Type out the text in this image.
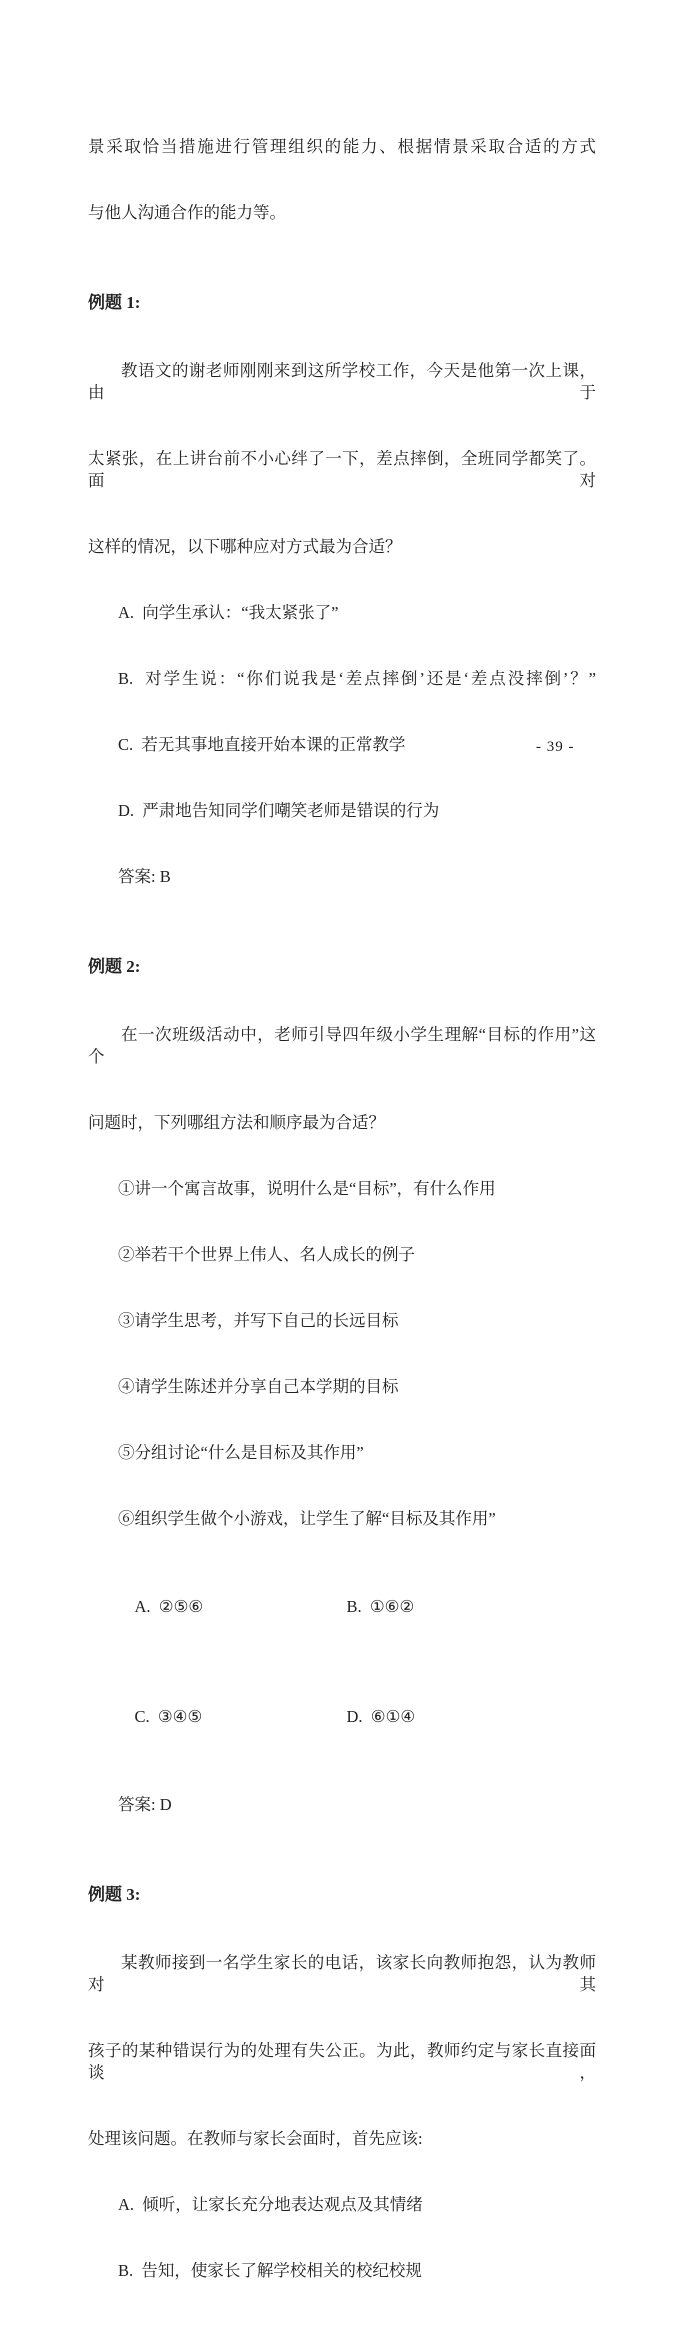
景采取恰当措施进行管理组织的能力、根据情景采取合适的方式

与他人沟通合作的能力等。

例题 1:

教语文的谢老师刚刚来到这所学校工作，今天是他第一次上课，由于

太紧张，在上讲台前不小心绊了一下，差点摔倒，全班同学都笑了。面对

这样的情况，以下哪种应对方式最为合适？

A.  向学生承认：“我太紧张了”

B.  对学生说：“你们说我是‘差点摔倒’还是‘差点没摔倒’？”

C.  若无其事地直接开始本课的正常教学

D.  严肃地告知同学们嘲笑老师是错误的行为

答案: B

例题 2:

在一次班级活动中，老师引导四年级小学生理解“目标的作用”这个

问题时，下列哪组方法和顺序最为合适？

①讲一个寓言故事，说明什么是“目标”，有什么作用

②举若干个世界上伟人、名人成长的例子

③请学生思考，并写下自己的长远目标

④请学生陈述并分享自己本学期的目标

⑤分组讨论“什么是目标及其作用”

⑥组织学生做个小游戏，让学生了解“目标及其作用”

A.  ②⑤⑥	B.  ①⑥②

C.  ③④⑤	D.  ⑥①④

答案: D

例题 3:

某教师接到一名学生家长的电话，该家长向教师抱怨，认为教师对其

孩子的某种错误行为的处理有失公正。为此，教师约定与家长直接面谈，

处理该问题。在教师与家长会面时，首先应该:

A.  倾听，让家长充分地表达观点及其情绪

B.  告知，使家长了解学校相关的校纪校规

- 39 -
